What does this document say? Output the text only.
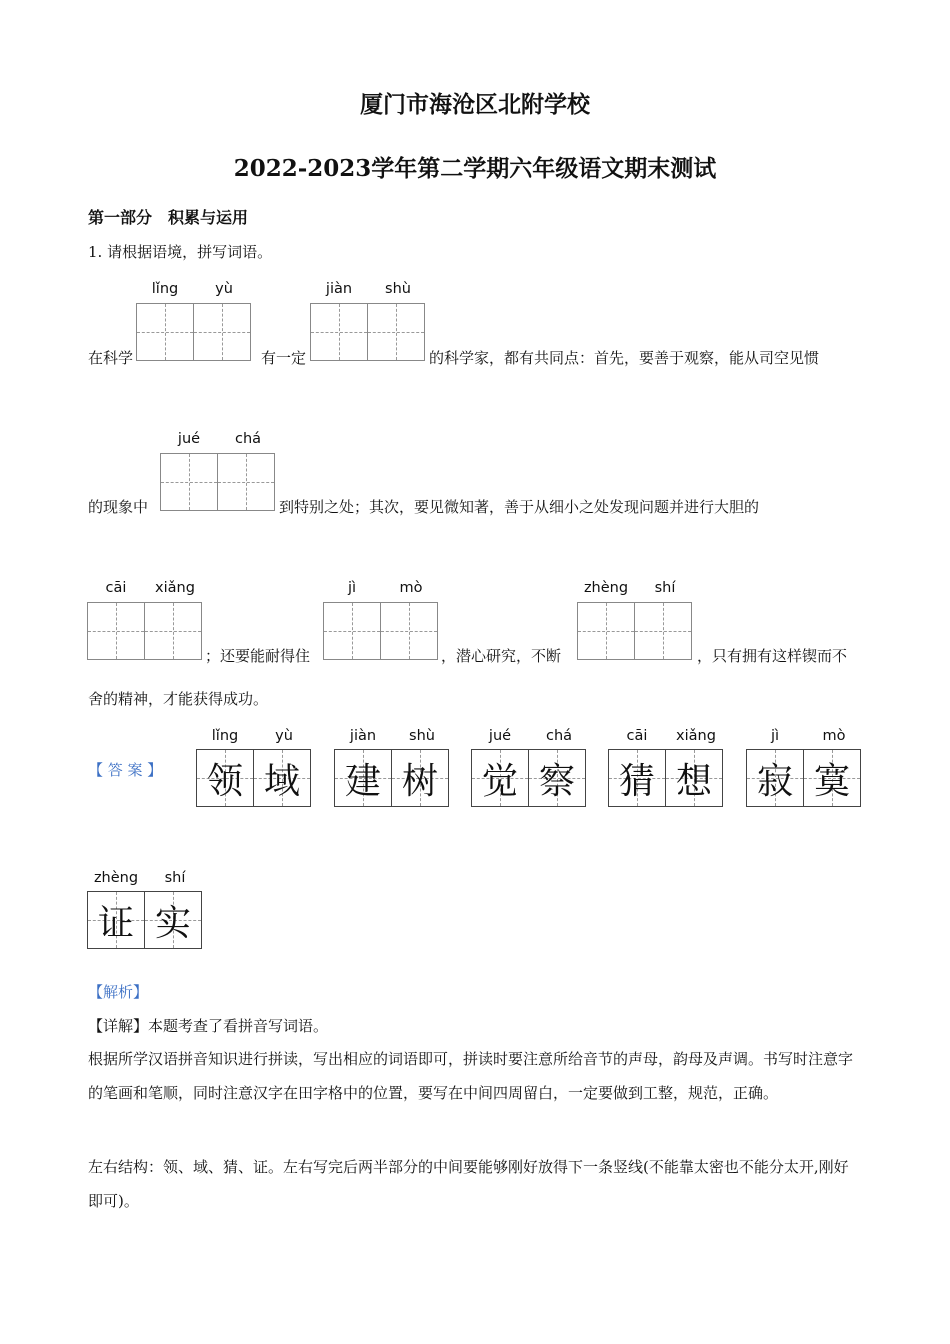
厦门市海沧区北附学校
2022-2023学年第二学期六年级语文期末测试
第一部分　积累与运用
1. 请根据语境，拼写词语。
在科学
lǐng	yù
有一定
jiàn	shù
的科学家，都有共同点：首先，要善于观察，能从司空见惯
的现象中
jué	chá
到特别之处；其次，要见微知著，善于从细小之处发现问题并进行大胆的
cāi	xiǎng
；还要能耐得住
jì	mò
，潜心研究，不断
zhèng	shí
，只有拥有这样锲而不
舍的精神，才能获得成功。
【 答 案 】
lǐng	yù
领 域
jiàn	shù
建 树
jué	chá
觉 察
cāi	xiǎng
猜 想
jì	mò
寂 寞
zhèng	shí
证 实
【解析】
【详解】本题考查了看拼音写词语。
根据所学汉语拼音知识进行拼读，写出相应的词语即可，拼读时要注意所给音节的声母，韵母及声调。书写时注意字的笔画和笔顺，同时注意汉字在田字格中的位置，要写在中间四周留白，一定要做到工整，规范，正确。
左右结构：领、域、猜、证。左右写完后两半部分的中间要能够刚好放得下一条竖线(不能靠太密也不能分太开,刚好即可)。
